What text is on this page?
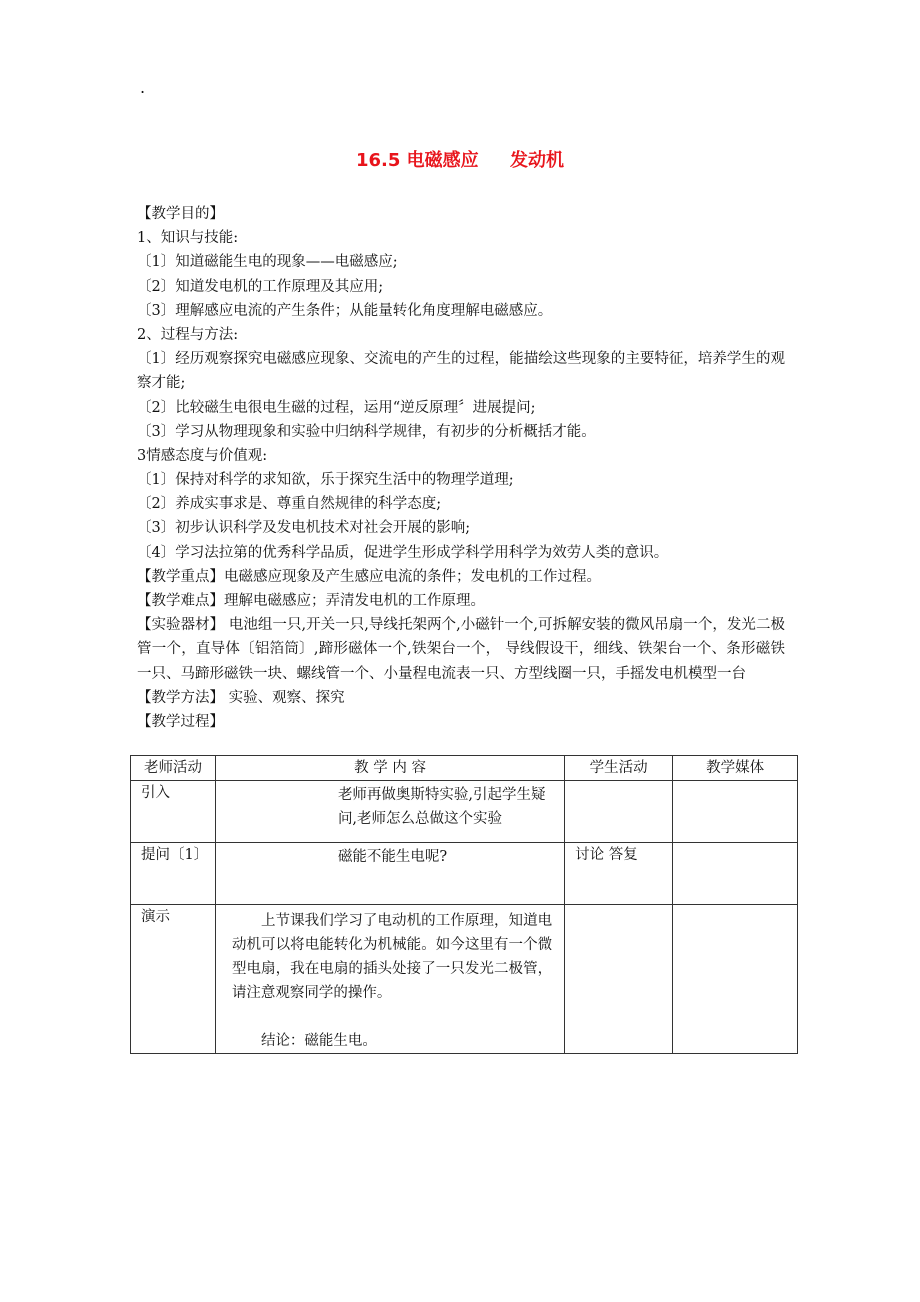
.
16.5 电磁感应     发动机
【教学目的】
1、知识与技能:
〔1〕知道磁能生电的现象——电磁感应;
〔2〕知道发电机的工作原理及其应用;
〔3〕理解感应电流的产生条件；从能量转化角度理解电磁感应。
2、过程与方法:
〔1〕经历观察探究电磁感应现象、交流电的产生的过程，能描绘这些现象的主要特征，培养学生的观察才能;
〔2〕比较磁生电很电生磁的过程，运用“逆反原理〞进展提问;
〔3〕学习从物理现象和实验中归纳科学规律，有初步的分析概括才能。
3情感态度与价值观:
〔1〕保持对科学的求知欲，乐于探究生活中的物理学道理;
〔2〕养成实事求是、尊重自然规律的科学态度;
〔3〕初步认识科学及发电机技术对社会开展的影响;
〔4〕学习法拉第的优秀科学品质，促进学生形成学科学用科学为效劳人类的意识。
【教学重点】电磁感应现象及产生感应电流的条件；发电机的工作过程。
【教学难点】理解电磁感应；弄清发电机的工作原理。
【实验器材】 电池组一只,开关一只,导线托架两个,小磁针一个,可拆解安装的微风吊扇一个，发光二极管一个，直导体〔铝箔筒〕,蹄形磁体一个,铁架台一个， 导线假设干，细线、铁架台一个、条形磁铁一只、马蹄形磁铁一块、螺线管一个、小量程电流表一只、方型线圈一只，手摇发电机模型一台
【教学方法】 实验、观察、探究
【教学过程】
老师活动	教 学 内 容	学生活动	教学媒体
引入	老师再做奥斯特实验,引起学生疑问,老师怎么总做这个实验		
提问〔1〕	磁能不能生电呢?	讨论 答复	
演示	上节课我们学习了电动机的工作原理，知道电动机可以将电能转化为机械能。如今这里有一个微型电扇，我在电扇的插头处接了一只发光二极管，请注意观察同学的操作。

结论：磁能生电。		
